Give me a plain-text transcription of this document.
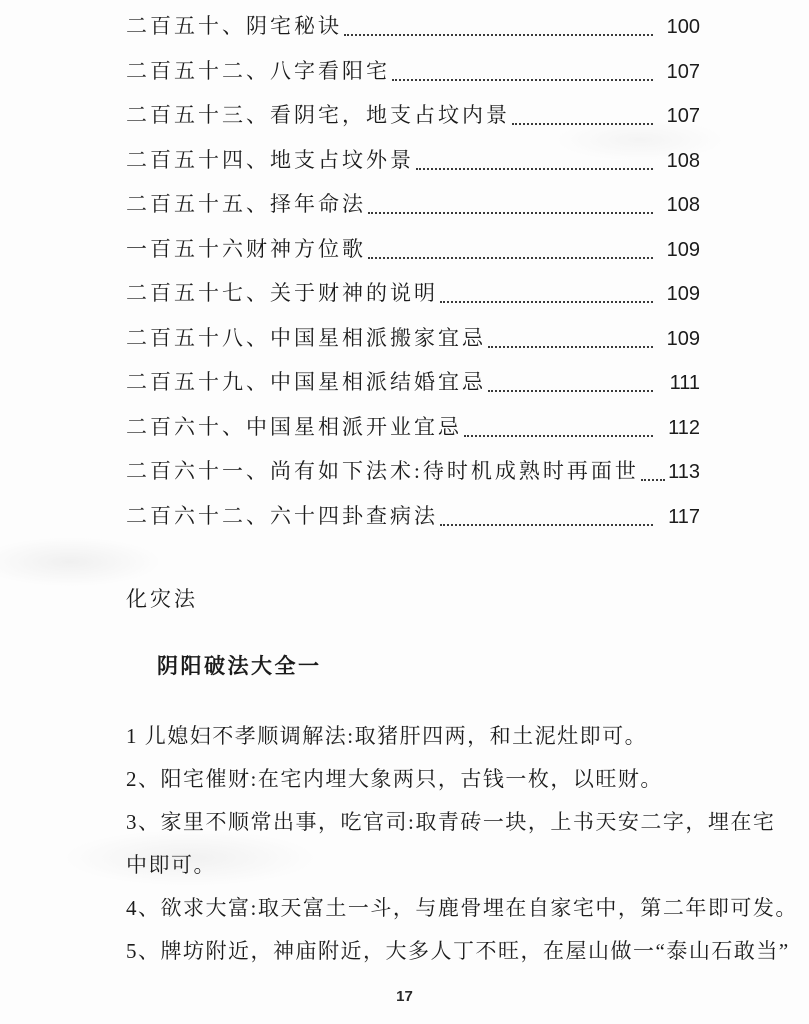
二百五十、阴宅秘诀	100
二百五十二、八字看阳宅	107
二百五十三、看阴宅，地支占坟内景	107
二百五十四、地支占坟外景	108
二百五十五、择年命法	108
一百五十六财神方位歌	109
二百五十七、关于财神的说明	109
二百五十八、中国星相派搬家宜忌	109
二百五十九、中国星相派结婚宜忌	111
二百六十、中国星相派开业宜忌	112
二百六十一、尚有如下法术:待时机成熟时再面世 113
二百六十二、六十四卦查病法	117
化灾法
阴阳破法大全一
1 儿媳妇不孝顺调解法:取猪肝四两，和土泥灶即可。
2、阳宅催财:在宅内埋大象两只，古钱一枚，以旺财。
3、家里不顺常出事，吃官司:取青砖一块，上书天安二字，埋在宅
中即可。
4、欲求大富:取天富土一斗，与鹿骨埋在自家宅中，第二年即可发。
5、牌坊附近，神庙附近，大多人丁不旺，在屋山做一“泰山石敢当”
17
